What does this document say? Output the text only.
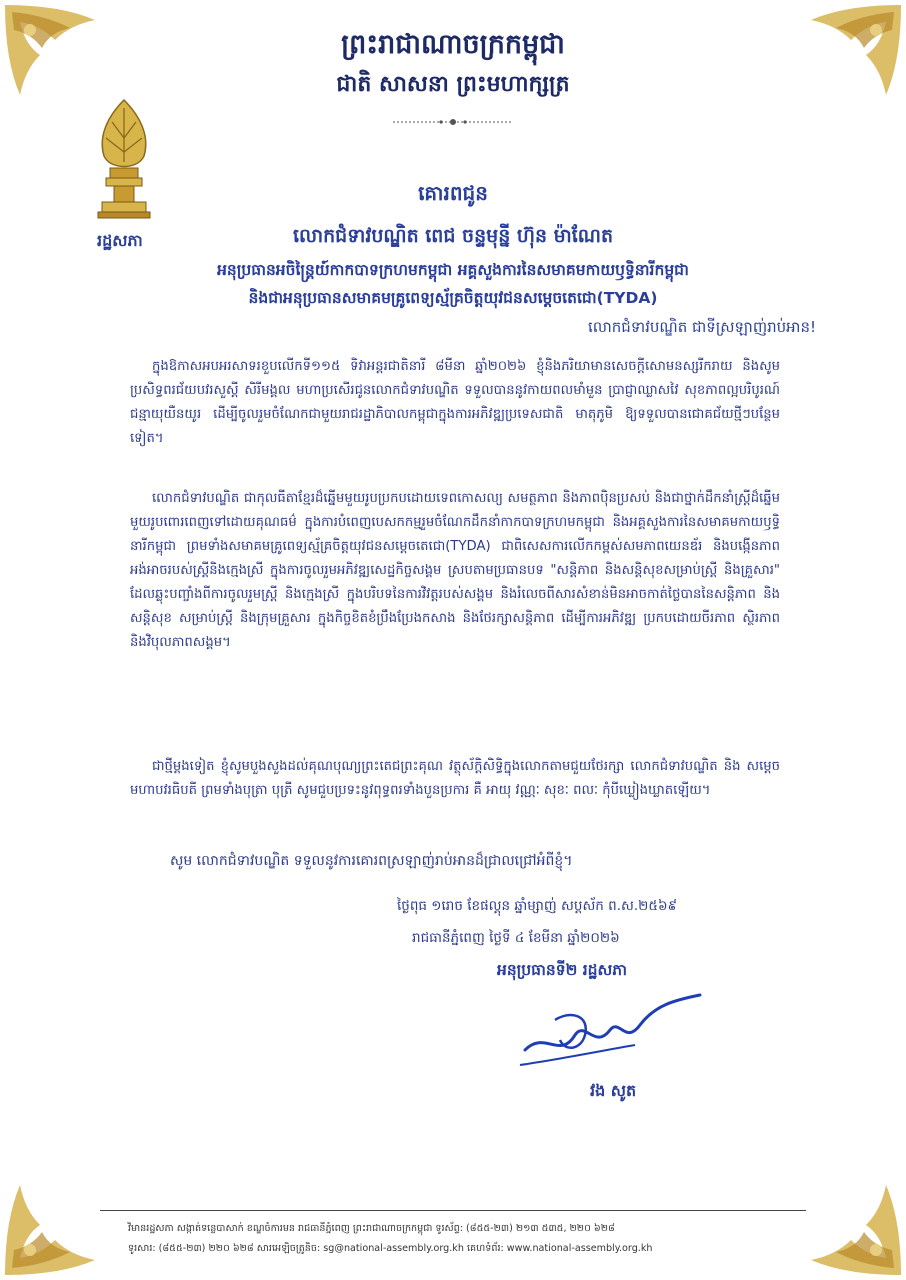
ព្រះរាជាណាចក្រកម្ពុជា
ជាតិ សាសនា ព្រះមហាក្សត្រ
គោរពជូន
រដ្ឋសភា	លោកជំទាវបណ្ឌិត ពេជ ចន្ទមុន្នី ហ៊ុន ម៉ាណែត
អនុប្រធានអចិន្ត្រៃយ៍កាកបាទក្រហមកម្ពុជា អគ្គសួងការនៃសមាគមកាយឫទ្ធិនារីកម្ពុជា
និងជាអនុប្រធានសមាគមគ្រូពេទ្យស្ម័គ្រចិត្តយុវជនសម្តេចតេជោ(TYDA)
លោកជំទាវបណ្ឌិត ជាទីស្រឡាញ់រាប់អាន!

ក្នុងឱកាសអបអរសាទរខួបលើកទី១១៥ ទិវាអន្តរជាតិនារី ៨មីនា ឆ្នាំ២០២៦ ខ្ញុំនិងភរិយាមានសេចក្តីសោមនស្សរីករាយ និងសូមប្រសិទ្ធពរជ័យបវរសួស្តី សិរីមង្គល មហាប្រសើរជូនលោកជំទាវបណ្ឌិត ទទួលបាននូវកាយពលមាំមួន ប្រាជ្ញាឈ្លាសវៃ សុខភាពល្អបរិបូរណ៍ ជន្មាយុយឺនយូរ ដើម្បីចូលរួមចំណែកជាមួយរាជរដ្ឋាភិបាលកម្ពុជាក្នុងការអភិវឌ្ឍប្រទេសជាតិ មាតុភូមិ ឱ្យទទួលបានជោគជ័យថ្មីៗបន្ថែមទៀត។

លោកជំទាវបណ្ឌិត ជាកុលធីតាខ្មែរដ៏ឆ្នើមមួយរូបប្រកបដោយទេពកោសល្យ សមត្ថភាព និងភាពប៉ិនប្រសប់ និងជាថ្នាក់ដឹកនាំស្ត្រីដ៏ឆ្នើមមួយរូបពោរពេញទៅដោយគុណធម៌ ក្នុងការបំពេញបេសកកម្មរួមចំណែកដឹកនាំកាកបាទក្រហមកម្ពុជា និងអគ្គសួងការនៃសមាគមកាយឫទ្ធិនារីកម្ពុជា ព្រមទាំងសមាគមគ្រូពេទ្យស្ម័គ្រចិត្តយុវជនសម្តេចតេជោ(TYDA) ជាពិសេសការលើកកម្ពស់សមភាពយេនឌ័រ និងបង្កើនភាពអង់អាចរបស់ស្ត្រីនិងក្មេងស្រី ក្នុងការចូលរួមអភិវឌ្ឍសេដ្ឋកិច្ចសង្គម ស្របតាមប្រធានបទ "សន្តិភាព និងសន្តិសុខសម្រាប់ស្ត្រី និងគ្រួសារ" ដែលឆ្លុះបញ្ចាំងពីការចូលរួមស្ត្រី និងក្មេងស្រី ក្នុងបរិបទនៃការវិវត្តរបស់សង្គម និងរំលេចពីសារសំខាន់មិនអាចកាត់ថ្លៃបាននៃសន្តិភាព និងសន្តិសុខ សម្រាប់ស្ត្រី និងក្រុមគ្រួសារ ក្នុងកិច្ចខិតខំប្រឹងប្រែងកសាង និងថែរក្សាសន្តិភាព ដើម្បីការអភិវឌ្ឍ ប្រកបដោយចីរភាព ស្ថិរភាព និងវិបុលភាពសង្គម។

ជាថ្មីម្តងទៀត ខ្ញុំសូមបួងសួងដល់គុណបុណ្យព្រះតេជព្រះគុណ វត្ថុស័ក្តិសិទ្ធិក្នុងលោកតាមជួយថែរក្សា លោកជំទាវបណ្ឌិត និង សម្តេចមហាបវរធិបតី ព្រមទាំងបុត្រា បុត្រី សូមជួបប្រទះនូវពុទ្ធពរទាំងបួនប្រការ គឺ អាយុ វណ្ណៈ សុខៈ ពលៈ កុំបីឃ្លៀងឃ្លាតឡើយ។

សូម លោកជំទាវបណ្ឌិត ទទួលនូវការគោរពស្រឡាញ់រាប់អានដ៏ជ្រាលជ្រៅអំពីខ្ញុំ។
ថ្ងៃពុធ ១រោច ខែផល្គុន ឆ្នាំម្សាញ់ សប្តស័ក ព.ស.២៥៦៩
រាជធានីភ្នំពេញ ថ្ងៃទី ៤ ខែមីនា ឆ្នាំ២០២៦
អនុប្រធានទី២ រដ្ឋសភា
វង សូត
វិមានរដ្ឋសភា សង្កាត់ទន្លេបាសាក់ ខណ្ឌចំការមន រាជធានីភ្នំពេញ ព្រះរាជាណាចក្រកម្ពុជា ទូរស័ព្ទ: (៨៥៥-២៣) ២១៣ ៥៣៥, ២២០ ៦២៨
ទូរសារ: (៨៥៥-២៣) ២២០ ៦២៨ សារអេឡិចត្រូនិច: sg@national-assembly.org.kh គេហទំព័រ: www.national-assembly.org.kh
